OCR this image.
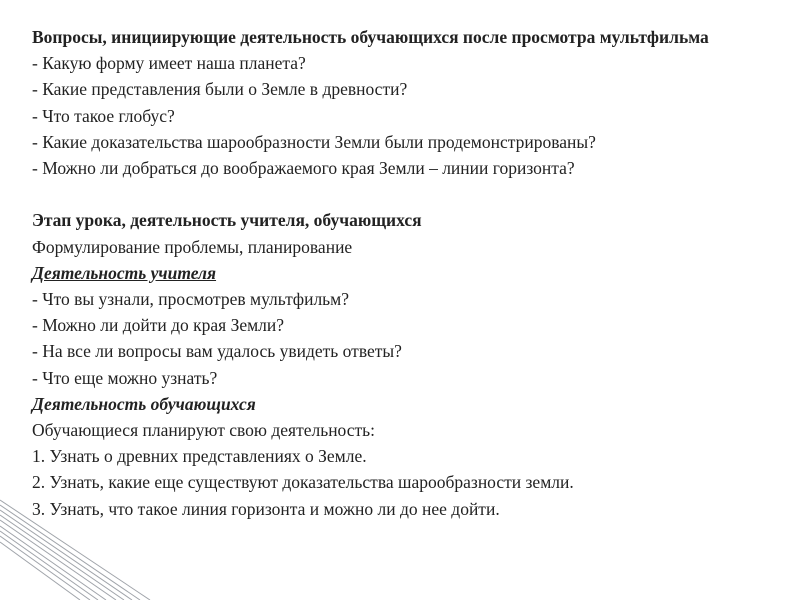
Вопросы, инициирующие деятельность обучающихся после просмотра мультфильма
- Какую форму имеет наша планета?
- Какие представления были о Земле в древности?
- Что такое глобус?
- Какие доказательства шарообразности Земли были продемонстрированы?
- Можно ли добраться до воображаемого края Земли – линии горизонта?
Этап урока, деятельность учителя, обучающихся
Формулирование проблемы, планирование
Деятельность учителя
- Что вы узнали, просмотрев мультфильм?
- Можно ли дойти до края Земли?
- На все ли вопросы вам удалось увидеть ответы?
- Что еще можно узнать?
Деятельность обучающихся
Обучающиеся планируют свою деятельность:
1. Узнать о древних представлениях о Земле.
2. Узнать, какие еще существуют доказательства шарообразности земли.
3. Узнать, что такое линия горизонта и можно ли до нее дойти.
